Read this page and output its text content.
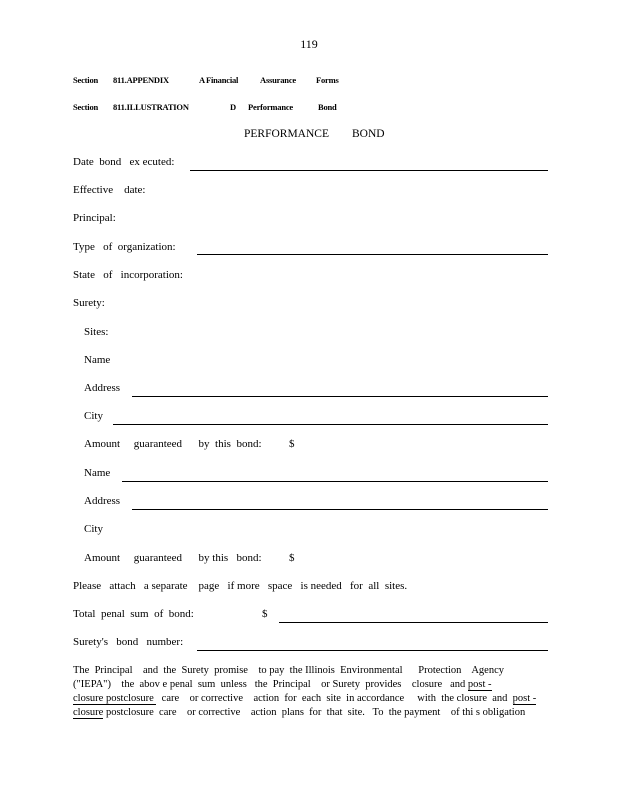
119
Section 811.APPENDIX	A Financial	Assurance Forms
Section 811.ILLUSTRATION	D Performance	Bond
PERFORMANCE        BOND
Date  bond   ex ecuted:
Effective    date:
Principal:
Type   of  organization:
State   of   incorporation:
Surety:
Sites:
Name
Address
City
Amount     guaranteed      by  this  bond:          $
Name
Address
City
Amount     guaranteed      by this   bond:          $
Please   attach   a separate    page   if more   space   is needed   for  all  sites.
Total  penal  sum  of  bond:	$
Surety's   bond   number:
The  Principal    and  the  Surety  promise    to pay  the Illinois  Environmental      Protection    Agency
("IEPA")    the  abov e penal  sum  unless   the  Principal    or Surety  provides    closure   and post -
closure postclosure   care    or corrective    action  for  each  site  in accordance     with  the closure  and  post -
closure postclosure  care    or corrective    action  plans  for  that  site.   To  the payment    of thi s obligation
